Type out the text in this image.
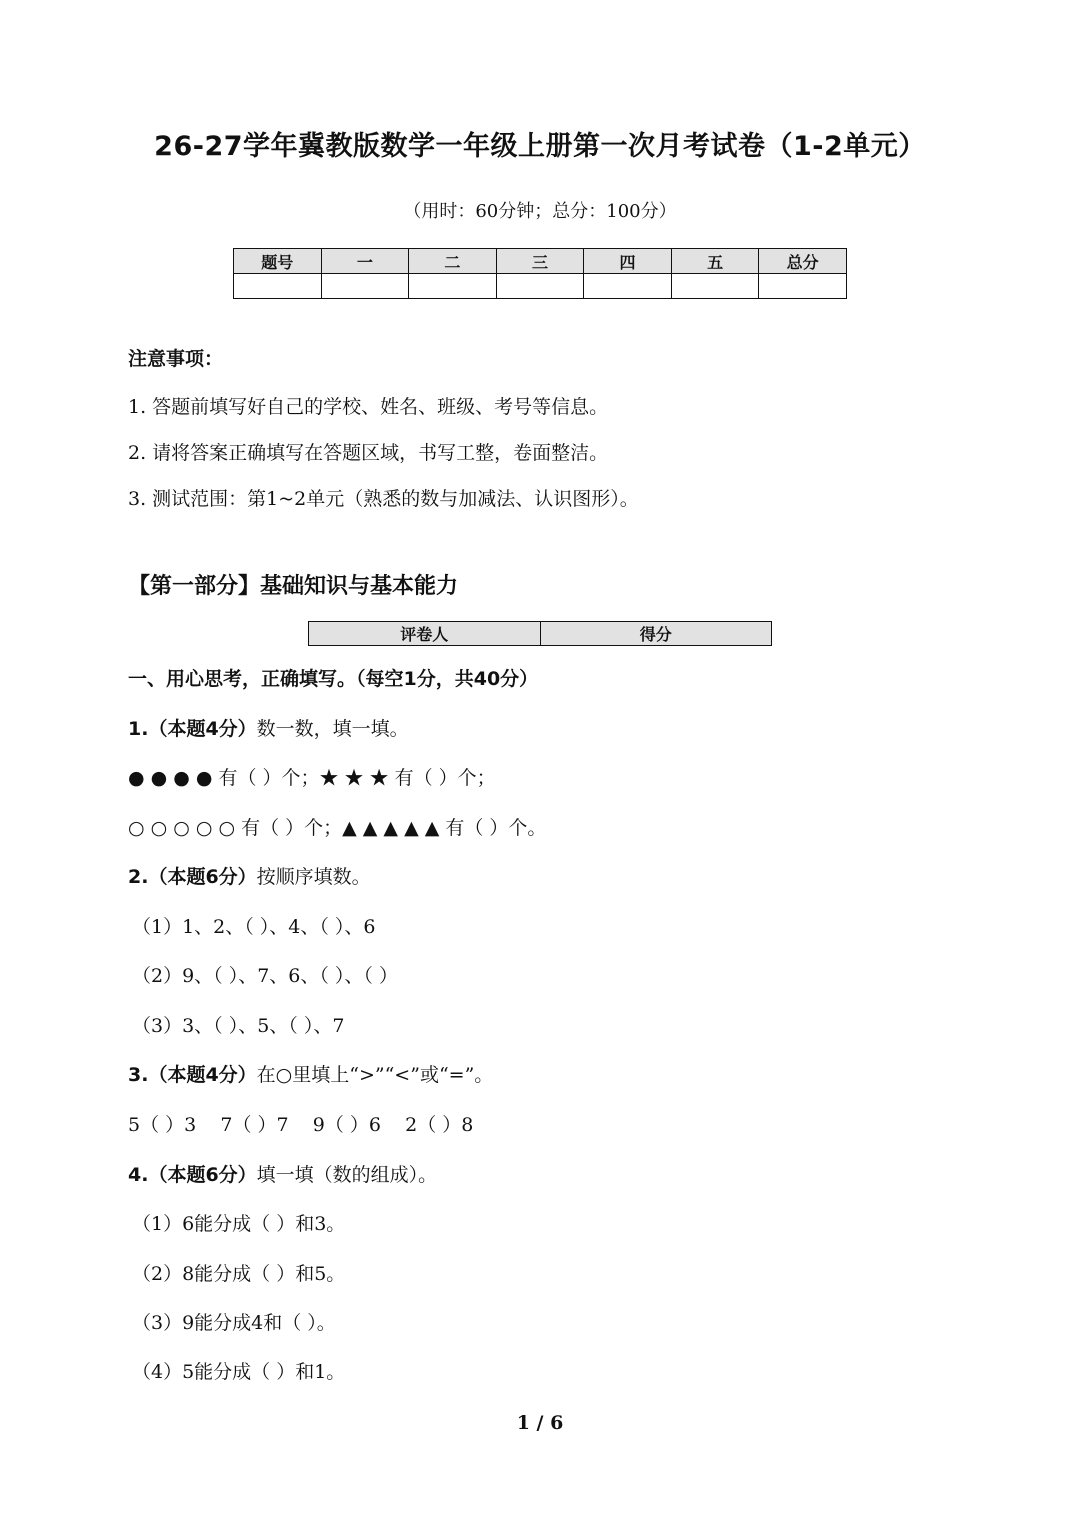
26-27学年冀教版数学一年级上册第一次月考试卷（1-2单元）
（用时：60分钟；总分：100分）
题号	一	二	三	四	五	总分

注意事项：
1. 答题前填写好自己的学校、姓名、班级、考号等信息。
2. 请将答案正确填写在答题区域，书写工整，卷面整洁。
3. 测试范围：第1~2单元（熟悉的数与加减法、认识图形）。
【第一部分】基础知识与基本能力
评卷人	得分
一、用心思考，正确填写。（每空1分，共40分）
1.（本题4分）数一数，填一填。
● ● ● ● 有（ ）个；★ ★ ★ 有（ ）个；
○ ○ ○ ○ ○ 有（ ）个；▲ ▲ ▲ ▲ ▲ 有（ ）个。
2.（本题6分）按顺序填数。
（1）1、2、（ ）、4、（ ）、6
（2）9、（ ）、7、6、（ ）、（ ）
（3）3、（ ）、5、（ ）、7
3.（本题4分）在○里填上“>”“<”或“=”。
5（ ）3    7（ ）7    9（ ）6    2（ ）8
4.（本题6分）填一填（数的组成）。
（1）6能分成（ ）和3。
（2）8能分成（ ）和5。
（3）9能分成4和（ ）。
（4）5能分成（ ）和1。
1 / 6
